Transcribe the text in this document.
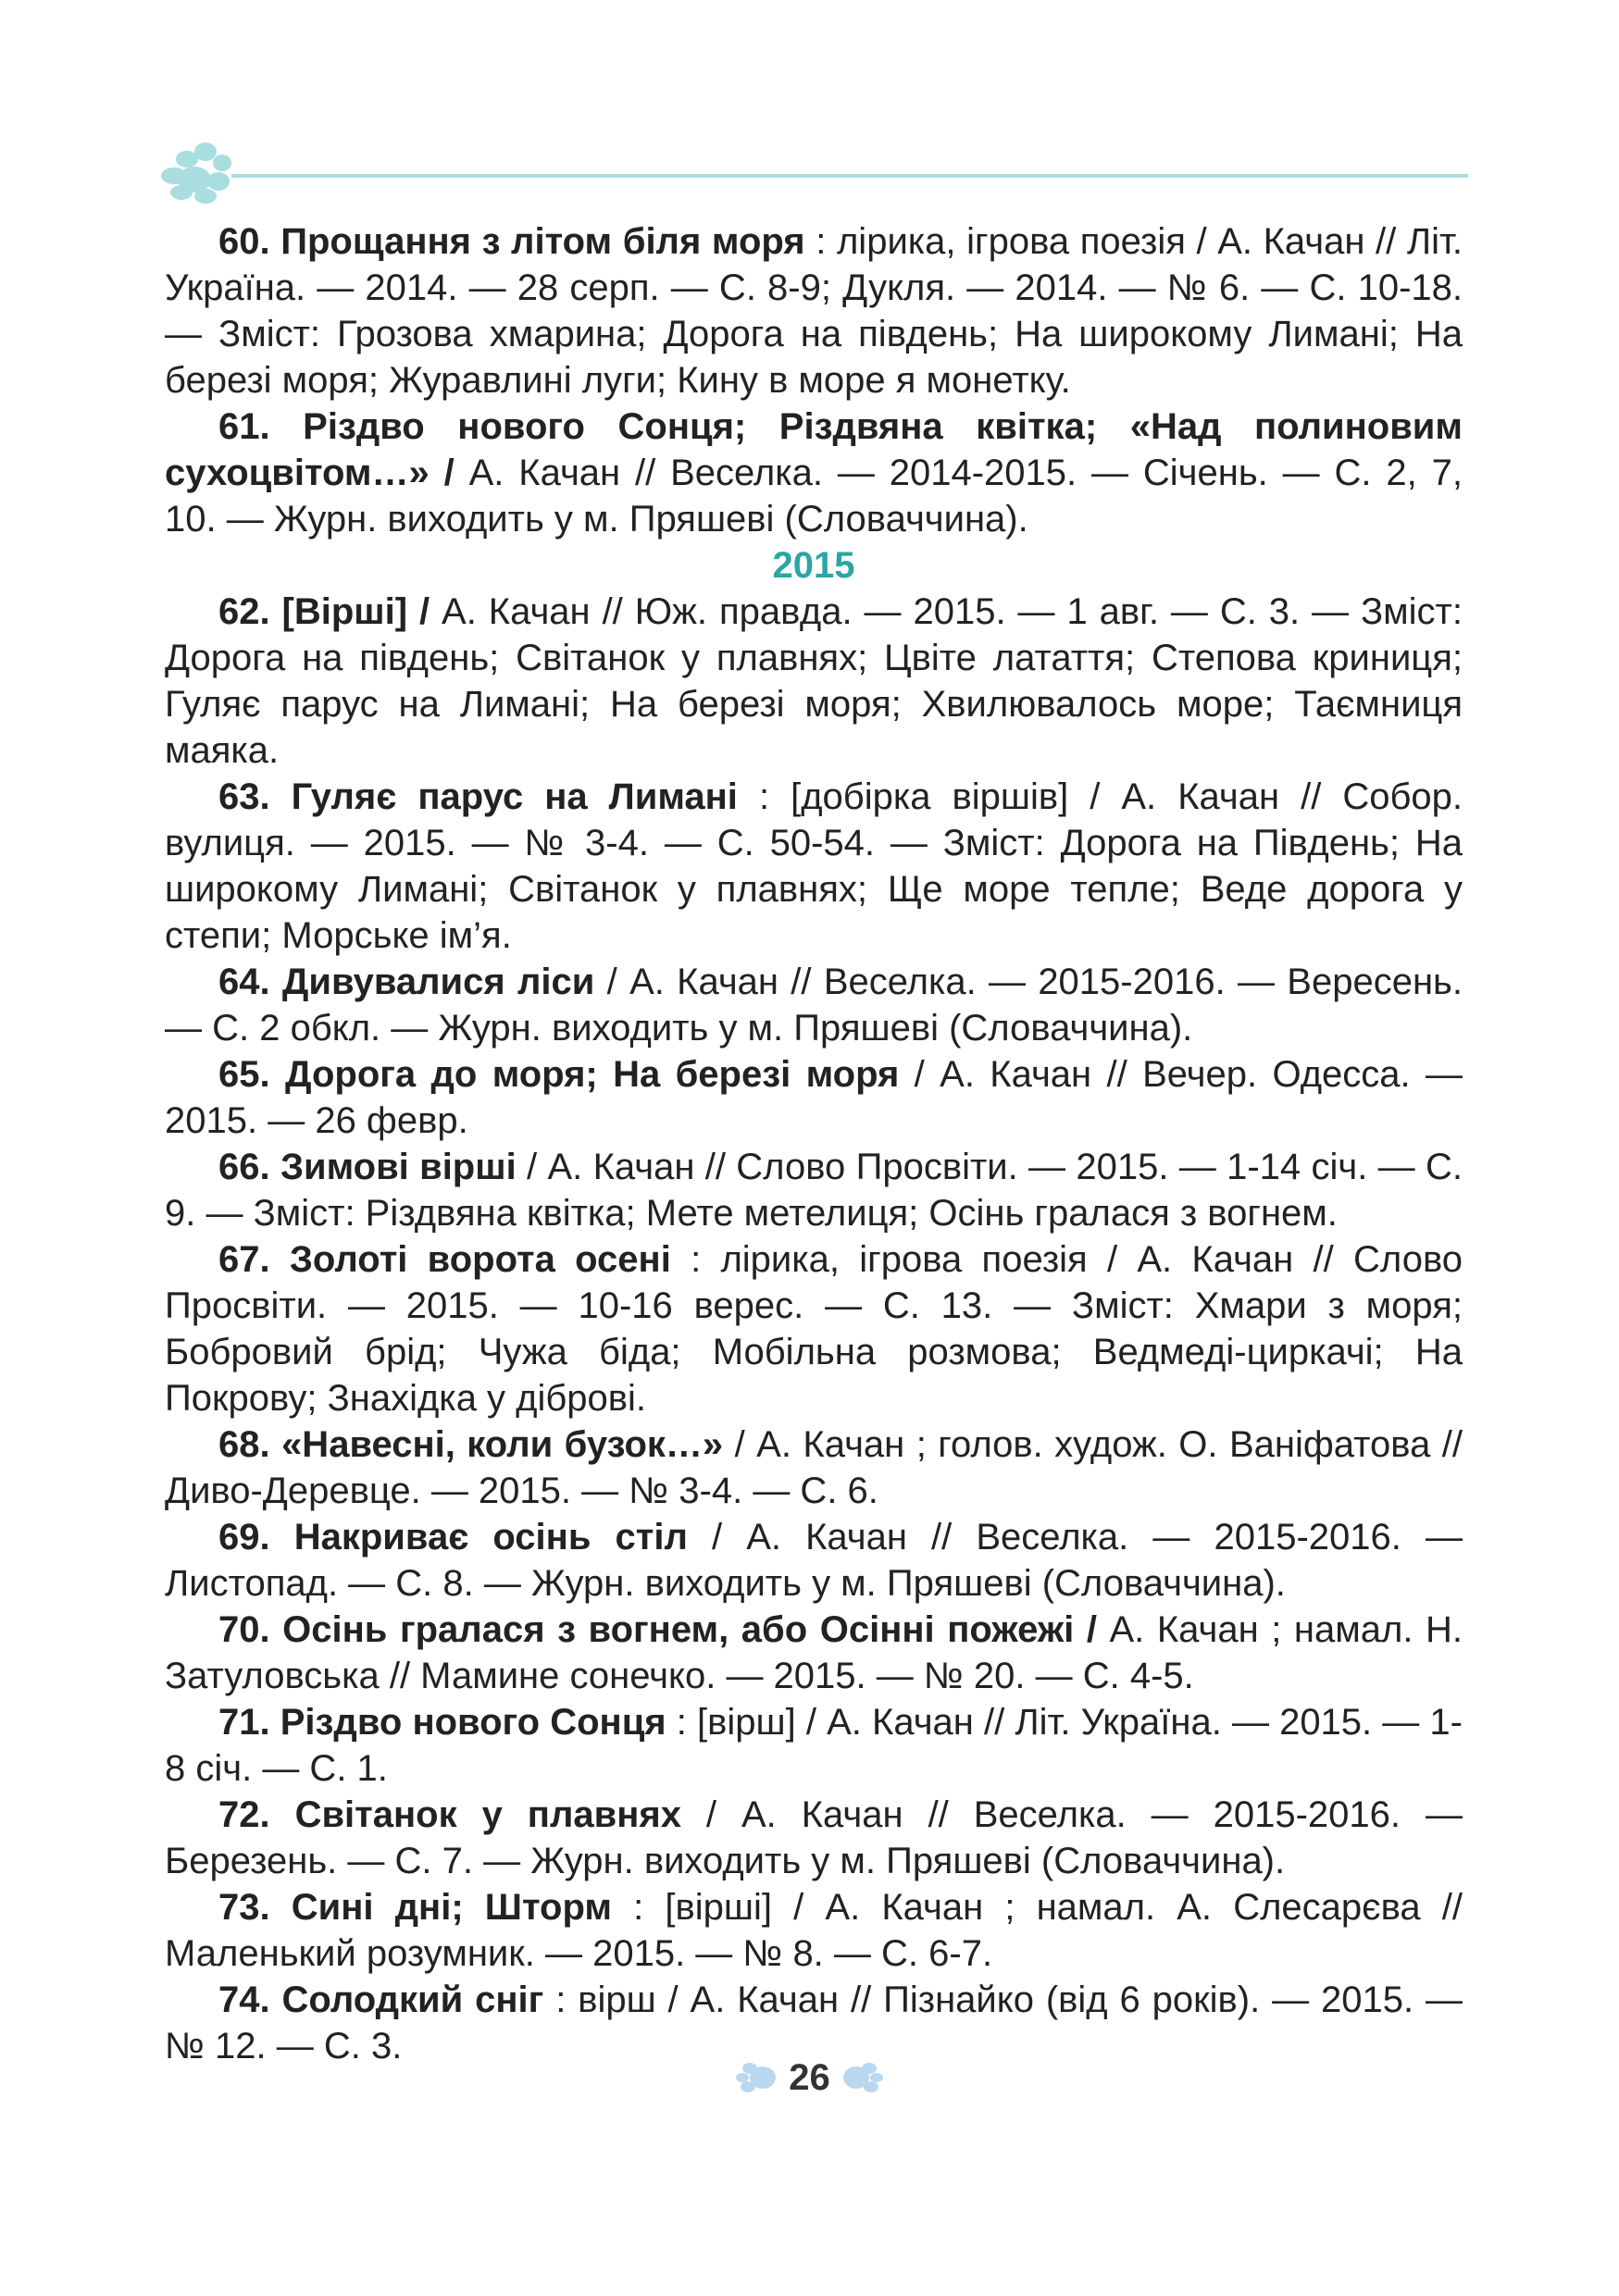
60. Прощання з літом біля моря : лірика, ігрова поезія / А. Качан // Літ. Україна. — 2014. — 28 серп. — С. 8-9; Дукля. — 2014. — № 6. — С. 10-18. — Зміст: Грозова хмарина; Дорога на південь; На широкому Лимані; На березі моря; Журавлині луги; Кину в море я монетку.

61. Різдво нового Сонця; Різдвяна квітка; «Над полиновим сухоцвітом…» / А. Качан // Веселка. — 2014-2015. — Січень. — С. 2, 7, 10. — Журн. виходить у м. Пряшеві (Словаччина).

2015

62. [Вірші] / А. Качан // Юж. правда. — 2015. — 1 авг. — С. 3. — Зміст: Дорога на південь; Світанок у плавнях; Цвіте латаття; Степова криниця; Гуляє парус на Лимані; На березі моря; Хвилювалось море; Таємниця маяка.

63. Гуляє парус на Лимані : [добірка віршів] / А. Качан // Собор. вулиця. — 2015. — № 3-4. — С. 50-54. — Зміст: Дорога на Південь; На широкому Лимані; Світанок у плавнях; Ще море тепле; Веде дорога у степи; Морське ім’я.

64. Дивувалися ліси / А. Качан // Веселка. — 2015-2016. — Вересень. — С. 2 обкл. — Журн. виходить у м. Пряшеві (Словаччина).

65. Дорога до моря; На березі моря / А. Качан // Вечер. Одесса. — 2015. — 26 февр.

66. Зимові вірші / А. Качан // Слово Просвіти. — 2015. — 1-14 січ. — С. 9. — Зміст: Різдвяна квітка; Мете метелиця; Осінь гралася з вогнем.

67. Золоті ворота осені : лірика, ігрова поезія / А. Качан // Слово Просвіти. — 2015. — 10-16 верес. — С. 13. — Зміст: Хмари з моря; Бобровий брід; Чужа біда; Мобільна розмова; Ведмеді-циркачі; На Покрову; Знахідка у діброві.

68. «Навесні, коли бузок…» / А. Качан ; голов. худож. О. Ваніфатова // Диво-Деревце. — 2015. — № 3-4. — С. 6.

69. Накриває осінь стіл / А. Качан // Веселка. — 2015-2016. — Листопад. — С. 8. — Журн. виходить у м. Пряшеві (Словаччина).

70. Осінь гралася з вогнем, або Осінні пожежі / А. Качан ; намал. Н. Затуловська // Мамине сонечко. — 2015. — № 20. — С. 4-5.

71. Різдво нового Сонця : [вірш] / А. Качан // Літ. Україна. — 2015. — 1-8 січ. — С. 1.

72. Світанок у плавнях / А. Качан // Веселка. — 2015-2016. — Березень. — С. 7. — Журн. виходить у м. Пряшеві (Словаччина).

73. Сині дні; Шторм : [вірші] / А. Качан ; намал. А. Слесарєва // Маленький розумник. — 2015. — № 8. — С. 6-7.

74. Солодкий сніг : вірш / А. Качан // Пізнайко (від 6 років). — 2015. — № 12. — С. 3.

26
